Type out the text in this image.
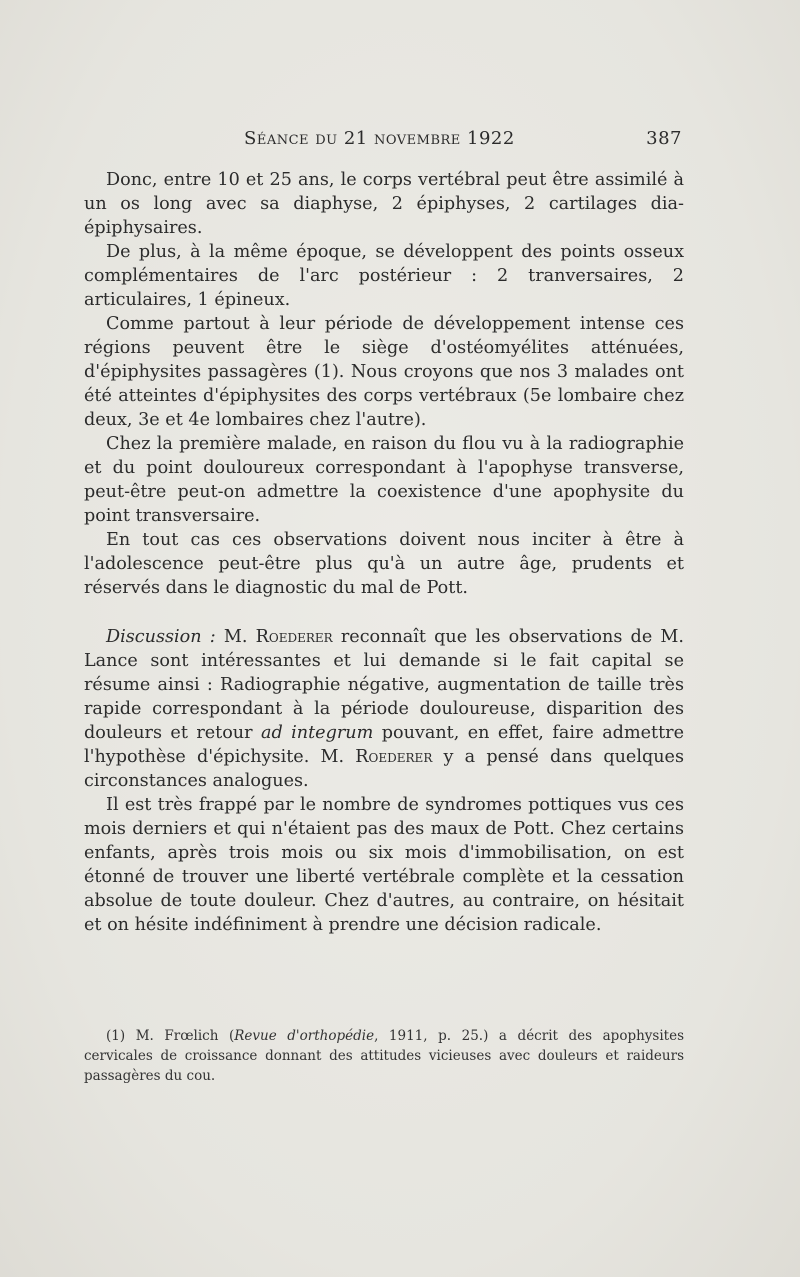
Séance du 21 novembre 1922	387

Donc, entre 10 et 25 ans, le corps vertébral peut être assimilé à un os long avec sa diaphyse, 2 épiphyses, 2 cartilages dia-épiphysaires.

De plus, à la même époque, se développent des points osseux complémentaires de l'arc postérieur : 2 tranversaires, 2 articulaires, 1 épineux.

Comme partout à leur période de développement intense ces régions peuvent être le siège d'ostéomyélites atténuées, d'épiphysites passagères (1). Nous croyons que nos 3 malades ont été atteintes d'épiphysites des corps vertébraux (5e lombaire chez deux, 3e et 4e lombaires chez l'autre).

Chez la première malade, en raison du flou vu à la radiographie et du point douloureux correspondant à l'apophyse transverse, peut-être peut-on admettre la coexistence d'une apophysite du point transversaire.

En tout cas ces observations doivent nous inciter à être à l'adolescence peut-être plus qu'à un autre âge, prudents et réservés dans le diagnostic du mal de Pott.

Discussion : M. Roederer reconnaît que les observations de M. Lance sont intéressantes et lui demande si le fait capital se résume ainsi : Radiographie négative, augmentation de taille très rapide correspondant à la période douloureuse, disparition des douleurs et retour ad integrum pouvant, en effet, faire admettre l'hypothèse d'épichysite. M. Roederer y a pensé dans quelques circonstances analogues.

Il est très frappé par le nombre de syndromes pottiques vus ces mois derniers et qui n'étaient pas des maux de Pott. Chez certains enfants, après trois mois ou six mois d'immobilisation, on est étonné de trouver une liberté vertébrale complète et la cessation absolue de toute douleur. Chez d'autres, au contraire, on hésitait et on hésite indéfiniment à prendre une décision radicale.

(1) M. Frœlich (Revue d'orthopédie, 1911, p. 25.) a décrit des apophysites cervicales de croissance donnant des attitudes vicieuses avec douleurs et raideurs passagères du cou.
